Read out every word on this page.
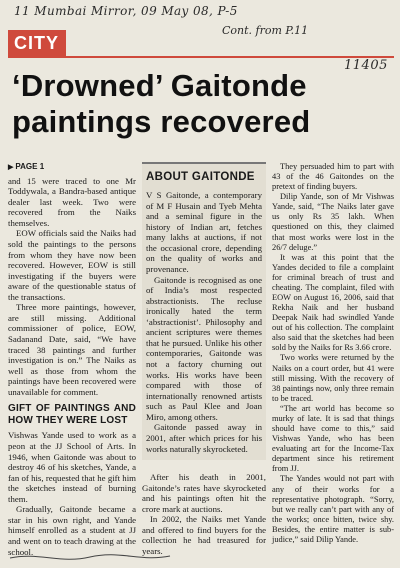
11 Mumbai Mirror, 09 May 08, P-5
Cont. from P.11
11405
CITY
‘Drowned’ Gaitonde paintings recovered
▶ PAGE 1

and 15 were traced to one Mr Toddywala, a Bandra-based antique dealer last week. Two were recovered from the Naiks themselves.

EOW officials said the Naiks had sold the paintings to the persons from whom they have now been recovered. However, EOW is still investigating if the buyers were aware of the questionable status of the transactions.

Three more paintings, however, are still missing. Additional commissioner of police, EOW, Sadanand Date, said, “We have traced 38 paintings and further investigation is on.” The Naiks as well as those from whom the paintings have been recovered were unavailable for comment.

GIFT OF PAINTINGS AND HOW THEY WERE LOST

Vishwas Yande used to work as a peon at the JJ School of Arts. In 1946, when Gaitonde was about to destroy 46 of his sketches, Yande, a fan of his, requested that he gift him the sketches instead of burning them.

Gradually, Gaitonde became a star in his own right, and Yande himself enrolled as a student at JJ and went on to teach drawing at the school.

ABOUT GAITONDE

V S Gaitonde, a contemporary of M F Husain and Tyeb Mehta and a seminal figure in the history of Indian art, fetches many lakhs at auctions, if not the occasional crore, depending on the quality of works and provenance.

Gaitonde is recognised as one of India’s most respected abstractionists. The recluse ironically hated the term ‘abstractionist’. Philosophy and ancient scriptures were themes that he pursued. Unlike his other contemporaries, Gaitonde was not a factory churning out works. His works have been compared with those of internationally renowned artists such as Paul Klee and Joan Miro, among others.

Gaitonde passed away in 2001, after which prices for his works naturally skyrocketed.

After his death in 2001, Gaitonde’s rates have skyrocketed and his paintings often hit the crore mark at auctions.

In 2002, the Naiks met Yande and offered to find buyers for the collection he had treasured for years.

They persuaded him to part with 43 of the 46 Gaitondes on the pretext of finding buyers.

Dilip Yande, son of Mr Vishwas Yande, said, “The Naiks later gave us only Rs 35 lakh. When questioned on this, they claimed that most works were lost in the 26/7 deluge.”

It was at this point that the Yandes decided to file a complaint for criminal breach of trust and cheating. The complaint, filed with EOW on August 16, 2006, said that Rekha Naik and her husband Deepak Naik had swindled Yande out of his collection. The complaint also said that the sketches had been sold by the Naiks for Rs 3.66 crore.

Two works were returned by the Naiks on a court order, but 41 were still missing. With the recovery of 38 paintings now, only three remain to be traced.

“The art world has become so murky of late. It is sad that things should have come to this,” said Vishwas Yande, who has been evaluating art for the Income-Tax department since his retirement from JJ.

The Yandes would not part with any of their works for a representative photograph. “Sorry, but we really can’t part with any of the works; once bitten, twice shy. Besides, the entire matter is sub-judice,” said Dilip Yande.
